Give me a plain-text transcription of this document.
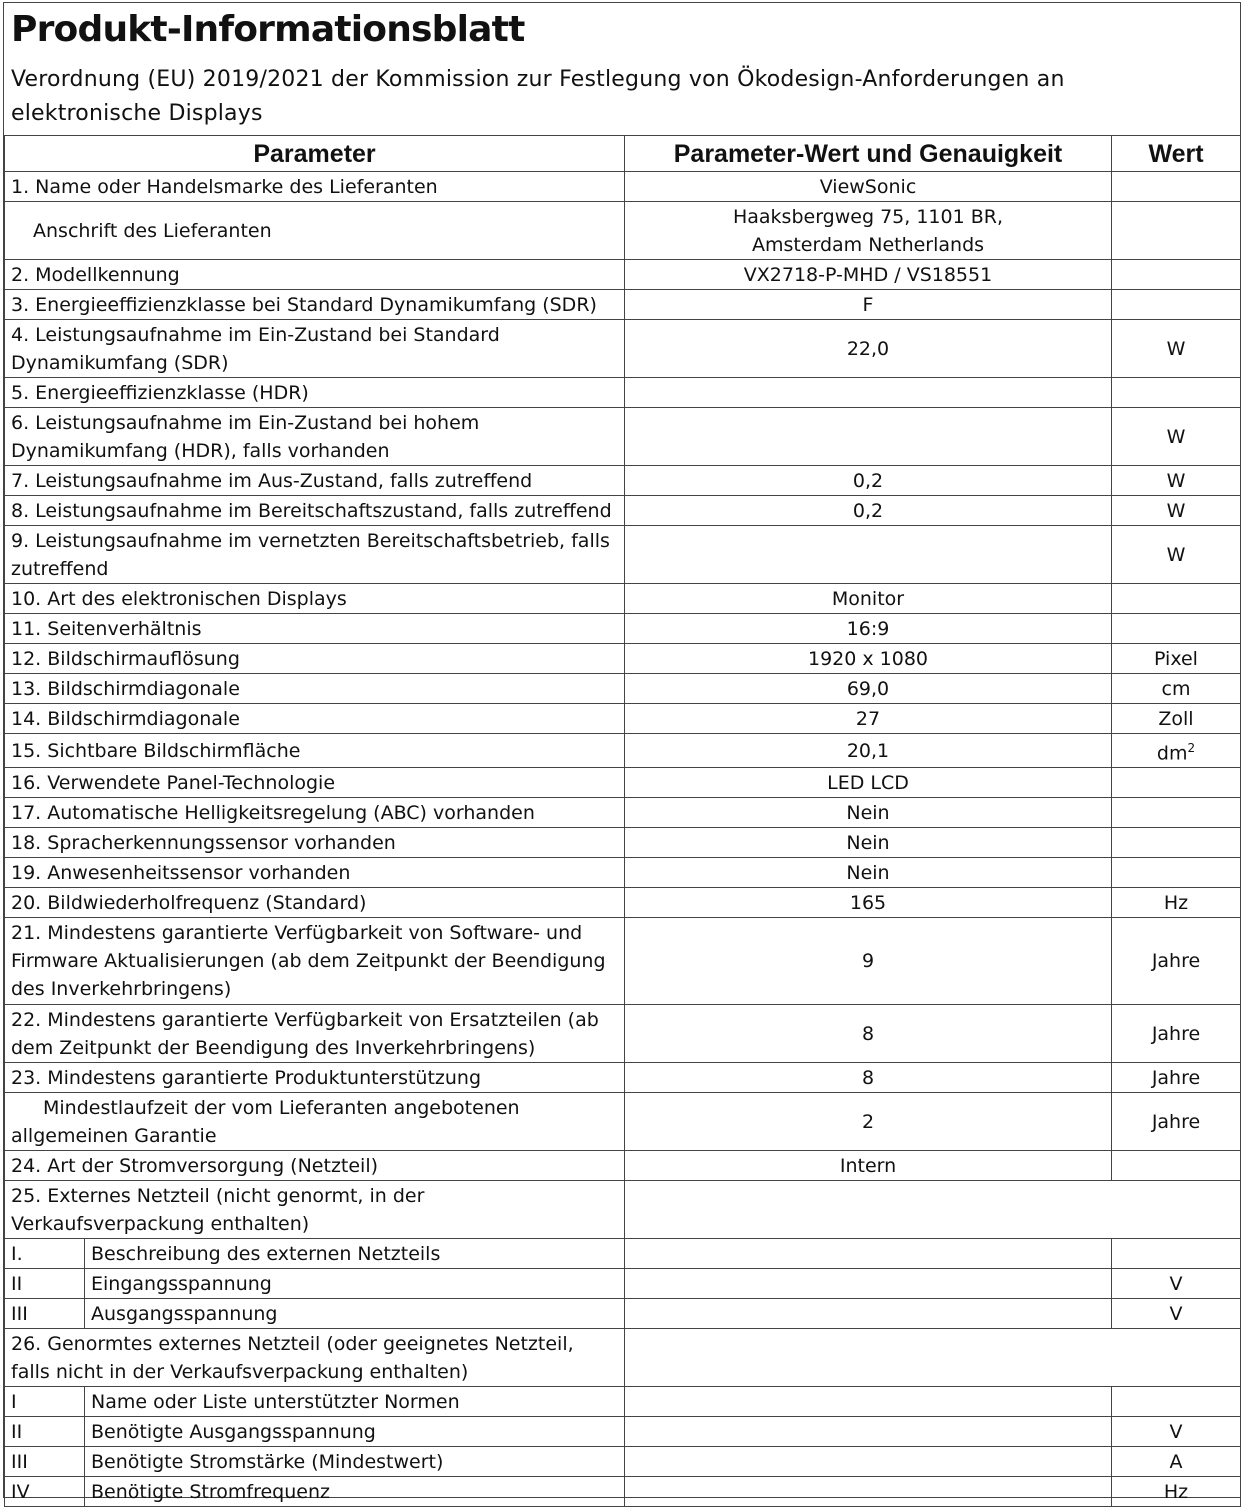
Produkt-Informationsblatt
Verordnung (EU) 2019/2021 der Kommission zur Festlegung von Ökodesign-Anforderungen an elektronische Displays
Parameter		Parameter-Wert und Genauigkeit	Wert
1. Name oder Handelsmarke des Lieferanten		ViewSonic	
Anschrift des Lieferanten		Haaksbergweg 75, 1101 BR, Amsterdam Netherlands	
2. Modellkennung		VX2718-P-MHD / VS18551	
3. Energieeffizienzklasse bei Standard Dynamikumfang (SDR)		F	
4. Leistungsaufnahme im Ein-Zustand bei Standard Dynamikumfang (SDR)		22,0	W
5. Energieeffizienzklasse (HDR)			
6. Leistungsaufnahme im Ein-Zustand bei hohem Dynamikumfang (HDR), falls vorhanden			W
7. Leistungsaufnahme im Aus-Zustand, falls zutreffend		0,2	W
8. Leistungsaufnahme im Bereitschaftszustand, falls zutreffend		0,2	W
9. Leistungsaufnahme im vernetzten Bereitschaftsbetrieb, falls zutreffend			W
10. Art des elektronischen Displays		Monitor	
11. Seitenverhältnis		16:9	
12. Bildschirmauflösung		1920 x 1080	Pixel
13. Bildschirmdiagonale		69,0	cm
14. Bildschirmdiagonale		27	Zoll
15. Sichtbare Bildschirmfläche		20,1	$dm^2$
16. Verwendete Panel-Technologie		LED LCD	
17. Automatische Helligkeitsregelung (ABC) vorhanden		Nein	
18. Spracherkennungssensor vorhanden		Nein	
19. Anwesenheitssensor vorhanden		Nein	
20. Bildwiederholfrequenz (Standard)		165	Hz
21. Mindestens garantierte Verfügbarkeit von Software- und Firmware Aktualisierungen (ab dem Zeitpunkt der Beendigung des Inverkehrbringens)		9	Jahre
22. Mindestens garantierte Verfügbarkeit von Ersatzteilen (ab dem Zeitpunkt der Beendigung des Inverkehrbringens)		8	Jahre
23. Mindestens garantierte Produktunterstützung		8	Jahre
Mindestlaufzeit der vom Lieferanten angebotenen allgemeinen Garantie		2	Jahre
24. Art der Stromversorgung (Netzteil)		Intern	
25. Externes Netzteil (nicht genormt, in der Verkaufsverpackung enthalten)			
I.	Beschreibung des externen Netzteils		
II	Eingangsspannung		V
III	Ausgangsspannung		V
26. Genormtes externes Netzteil (oder geeignetes Netzteil, falls nicht in der Verkaufsverpackung enthalten)			
I	Name oder Liste unterstützter Normen		
II	Benötigte Ausgangsspannung		V
III	Benötigte Stromstärke (Mindestwert)		A
IV	Benötigte Stromfrequenz		Hz
